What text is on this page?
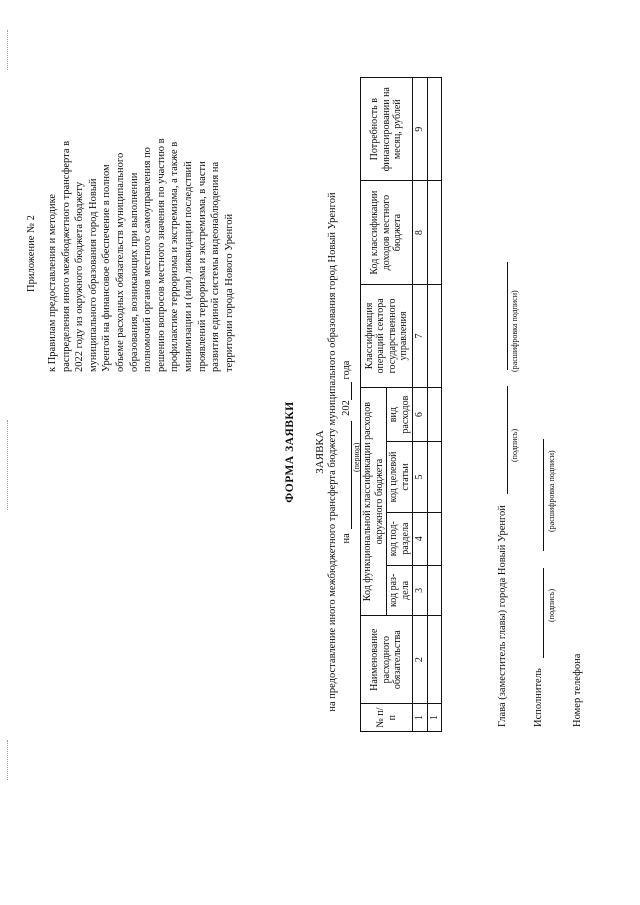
Приложение № 2 к Правилам предоставления и методике распределения иного межбюджетного трансферта в 2022 году из окружного бюджета бюджету муниципального образования город Новый Уренгой на финансовое обеспечение в полном объеме расходных обязательств муниципального образования, возникающих при выполнении полномочий органов местного самоуправления по решению вопросов местного значения по участию в профилактике терроризма и экстремизма, а также в минимизации и (или) ликвидации последствий проявлений терроризма и экстремизма, в части развития единой системы видеонаблюдения на территории города Нового Уренгой
ФОРМА ЗАЯВКИ ЗАЯВКА на предоставление иного межбюджетного трансферта бюджету муниципального образования город Новый Уренгой на  202 года
(период)
№ п/п	Наименование расходного обязательства	Код функциональной классификации расходов окружного бюджета				Классификация операций сектора государственного управления	Код классификации доходов местного бюджета	Потребность в финансировании на месяц, рублей
		код раз-дела	код под-раздела	код целевой статьи	вид расходов			
1	2	3	4	5	6	7	8	9
1									Глава (заместитель главы) города Новый Уренгой
(подпись)
(расшифровка подписи)
Исполнитель
(подпись)
(расшифровка подписи)
Номер телефона
